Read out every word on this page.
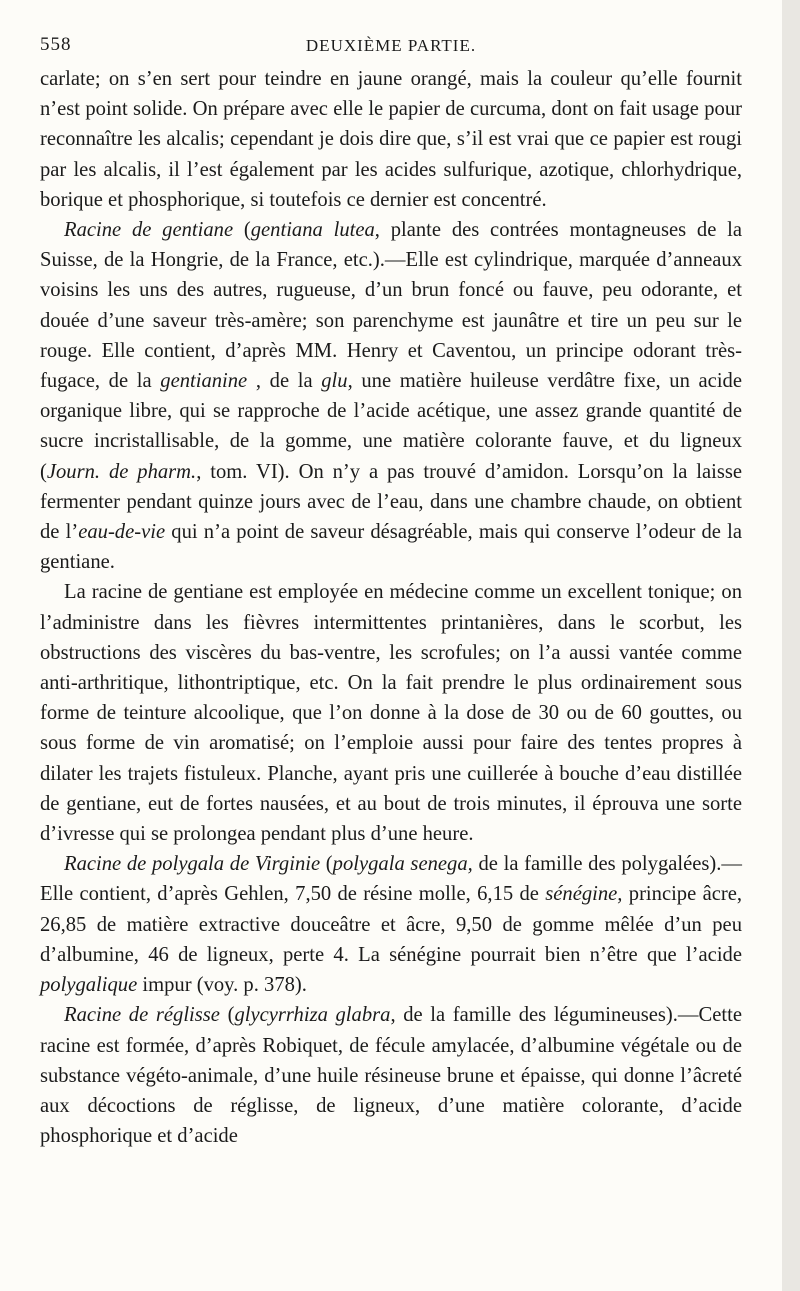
558	DEUXIÈME PARTIE.

carlate; on s’en sert pour teindre en jaune orangé, mais la couleur qu’elle fournit n’est point solide. On prépare avec elle le papier de curcuma, dont on fait usage pour reconnaître les alcalis; cependant je dois dire que, s’il est vrai que ce papier est rougi par les alcalis, il l’est également par les acides sulfurique, azotique, chlorhydrique, borique et phosphorique, si toutefois ce dernier est concentré.

Racine de gentiane (gentiana lutea, plante des contrées montagneuses de la Suisse, de la Hongrie, de la France, etc.).—Elle est cylindrique, marquée d’anneaux voisins les uns des autres, rugueuse, d’un brun foncé ou fauve, peu odorante, et douée d’une saveur très-amère; son parenchyme est jaunâtre et tire un peu sur le rouge. Elle contient, d’après MM. Henry et Caventou, un principe odorant très-fugace, de la gentianine , de la glu, une matière huileuse verdâtre fixe, un acide organique libre, qui se rapproche de l’acide acétique, une assez grande quantité de sucre incristallisable, de la gomme, une matière colorante fauve, et du ligneux (Journ. de pharm., tom. VI). On n’y a pas trouvé d’amidon. Lorsqu’on la laisse fermenter pendant quinze jours avec de l’eau, dans une chambre chaude, on obtient de l’eau-de-vie qui n’a point de saveur désagréable, mais qui conserve l’odeur de la gentiane.

La racine de gentiane est employée en médecine comme un excellent tonique; on l’administre dans les fièvres intermittentes printanières, dans le scorbut, les obstructions des viscères du bas-ventre, les scrofules; on l’a aussi vantée comme anti-arthritique, lithontriptique, etc. On la fait prendre le plus ordinairement sous forme de teinture alcoolique, que l’on donne à la dose de 30 ou de 60 gouttes, ou sous forme de vin aromatisé; on l’emploie aussi pour faire des tentes propres à dilater les trajets fistuleux. Planche, ayant pris une cuillerée à bouche d’eau distillée de gentiane, eut de fortes nausées, et au bout de trois minutes, il éprouva une sorte d’ivresse qui se prolongea pendant plus d’une heure.

Racine de polygala de Virginie (polygala senega, de la famille des polygalées).— Elle contient, d’après Gehlen, 7,50 de résine molle, 6,15 de sénégine, principe âcre, 26,85 de matière extractive douceâtre et âcre, 9,50 de gomme mêlée d’un peu d’albumine, 46 de ligneux, perte 4. La sénégine pourrait bien n’être que l’acide polygalique impur (voy. p. 378).

Racine de réglisse (glycyrrhiza glabra, de la famille des légumineuses).—Cette racine est formée, d’après Robiquet, de fécule amylacée, d’albumine végétale ou de substance végéto-animale, d’une huile résineuse brune et épaisse, qui donne l’âcreté aux décoctions de réglisse, de ligneux, d’une matière colorante, d’acide phosphorique et d’acide
